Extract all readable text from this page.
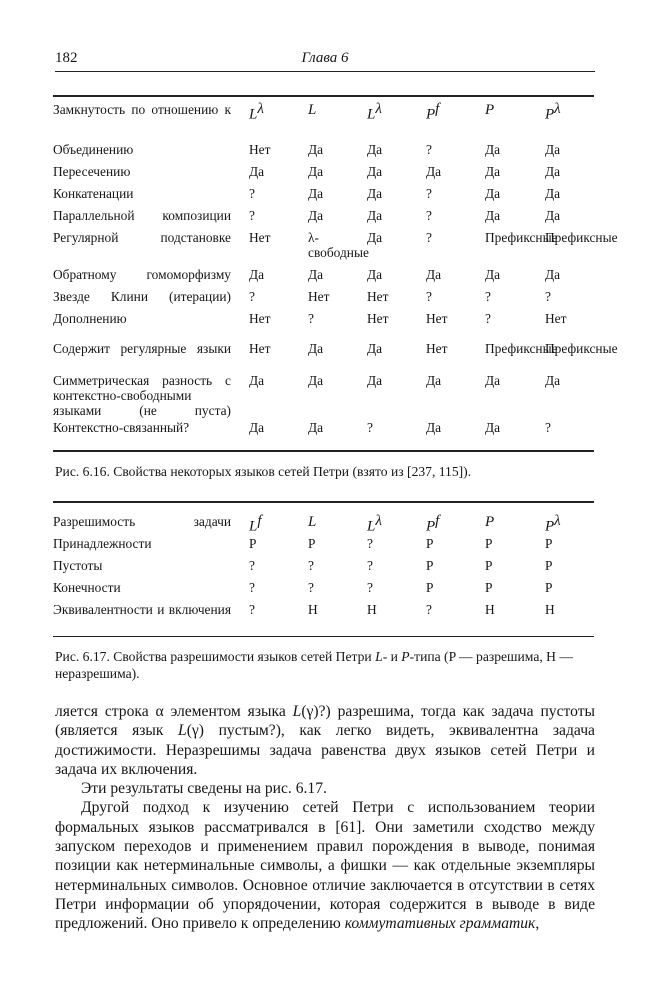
182	Глава 6
Замкнутость по отношению к	$L^\lambda$	L	$L^\lambda$	$P^f$	P	$P^\lambda$
Объединению	Нет	Да	Да	?	Да	Да
Пересечению	Да	Да	Да	Да	Да	Да
Конкатенации	?	Да	Да	?	Да	Да
Параллельной композиции	?	Да	Да	?	Да	Да
Регулярной подстановке	Нет	λ-свободные	Да	?	Префиксные	Префиксные
Обратному гомоморфизму	Да	Да	Да	Да	Да	Да
Звезде Клини (итерации)	?	Нет	Нет	?	?	?
Дополнению	Нет	?	Нет	Нет	?	Нет
Содержит регулярные языки	Нет	Да	Да	Нет	Префиксные	Префиксные
Симметрическая разность с контекстно-свободными языками (не пуста)	Да	Да	Да	Да	Да	Да
Контекстно-связанный?	Да	Да	?	Да	Да	?
Рис. 6.16. Свойства некоторых языков сетей Петри (взято из [237, 115]).
Разрешимость задачи	$L^f$	L	$L^\lambda$	$P^f$	P	$P^\lambda$
Принадлежности	P	P	?	P	P	P
Пустоты	?	?	?	P	P	P
Конечности	?	?	?	P	P	P
Эквивалентности и включения	?	H	H	?	H	H
Рис. 6.17. Свойства разрешимости языков сетей Петри L- и P-типа (P — разрешима, H — неразрешима).

ляется строка α элементом языка L(γ)?) разрешима, тогда как задача пустоты (является язык L(γ) пустым?), как легко видеть, эквивалентна задача достижимости. Неразрешимы задача равенства двух языков сетей Петри и задача их включения.

Эти результаты сведены на рис. 6.17.

Другой подход к изучению сетей Петри с использованием теории формальных языков рассматривался в [61]. Они заметили сходство между запуском переходов и применением правил порождения в выводе, понимая позиции как нетерминальные символы, а фишки — как отдельные экземпляры нетерминальных символов. Основное отличие заключается в отсутствии в сетях Петри информации об упорядочении, которая содержится в выводе в виде предложений. Оно привело к определению коммутативных грамматик,
